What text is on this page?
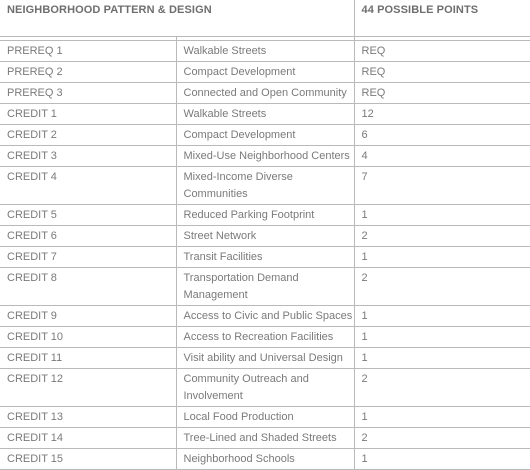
NEIGHBORHOOD PATTERN & DESIGN		44 POSSIBLE POINTS

PREREQ 1	Walkable Streets	REQ
PREREQ 2	Compact Development	REQ
PREREQ 3	Connected and Open Community	REQ
CREDIT 1	Walkable Streets	12
CREDIT 2	Compact Development	6
CREDIT 3	Mixed-Use Neighborhood Centers	4
CREDIT 4	Mixed-Income Diverse Communities	7
CREDIT 5	Reduced Parking Footprint	1
CREDIT 6	Street Network	2
CREDIT 7	Transit Facilities	1
CREDIT 8	Transportation Demand Management	2
CREDIT 9	Access to Civic and Public Spaces	1
CREDIT 10	Access to Recreation Facilities	1
CREDIT 11	Visit ability and Universal Design	1
CREDIT 12	Community Outreach and Involvement	2
CREDIT 13	Local Food Production	1
CREDIT 14	Tree-Lined and Shaded Streets	2
CREDIT 15	Neighborhood Schools	1
